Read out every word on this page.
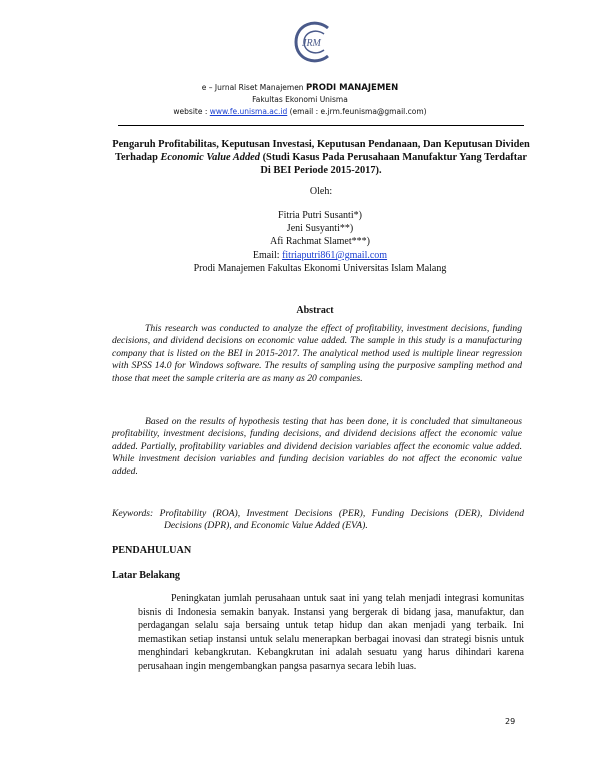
JRM
e – Jurnal Riset Manajemen PRODI MANAJEMEN
Fakultas Ekonomi Unisma
website : www.fe.unisma.ac.id (email : e.jrm.feunisma@gmail.com)
Pengaruh Profitabilitas, Keputusan Investasi, Keputusan Pendanaan, Dan Keputusan Dividen Terhadap Economic Value Added (Studi Kasus Pada Perusahaan Manufaktur Yang Terdaftar Di BEI Periode 2015-2017).
Oleh:
Fitria Putri Susanti*)
Jeni Susyanti**)
Afi Rachmat Slamet***)
Email: fitriaputri861@gmail.com
Prodi Manajemen Fakultas Ekonomi Universitas Islam Malang
Abstract

This research was conducted to analyze the effect of profitability, investment decisions, funding decisions, and dividend decisions on economic value added. The sample in this study is a manufacturing company that is listed on the BEI in 2015-2017. The analytical method used is multiple linear regression with SPSS 14.0 for Windows software. The results of sampling using the purposive sampling method and those that meet the sample criteria are as many as 20 companies.

Based on the results of hypothesis testing that has been done, it is concluded that simultaneous profitability, investment decisions, funding decisions, and dividend decisions affect the economic value added. Partially, profitability variables and dividend decision variables affect the economic value added. While investment decision variables and funding decision variables do not affect the economic value added.

Keywords: Profitability (ROA), Investment Decisions (PER), Funding Decisions (DER), Dividend Decisions (DPR), and Economic Value Added (EVA).

PENDAHULUAN
Latar Belakang

Peningkatan jumlah perusahaan untuk saat ini yang telah menjadi integrasi komunitas bisnis di Indonesia semakin banyak. Instansi yang bergerak di bidang jasa, manufaktur, dan perdagangan selalu saja bersaing untuk tetap hidup dan akan menjadi yang terbaik. Ini memastikan setiap instansi untuk selalu menerapkan berbagai inovasi dan strategi bisnis untuk menghindari kebangkrutan. Kebangkrutan ini adalah sesuatu yang harus dihindari karena perusahaan ingin mengembangkan pangsa pasarnya secara lebih luas.

29
